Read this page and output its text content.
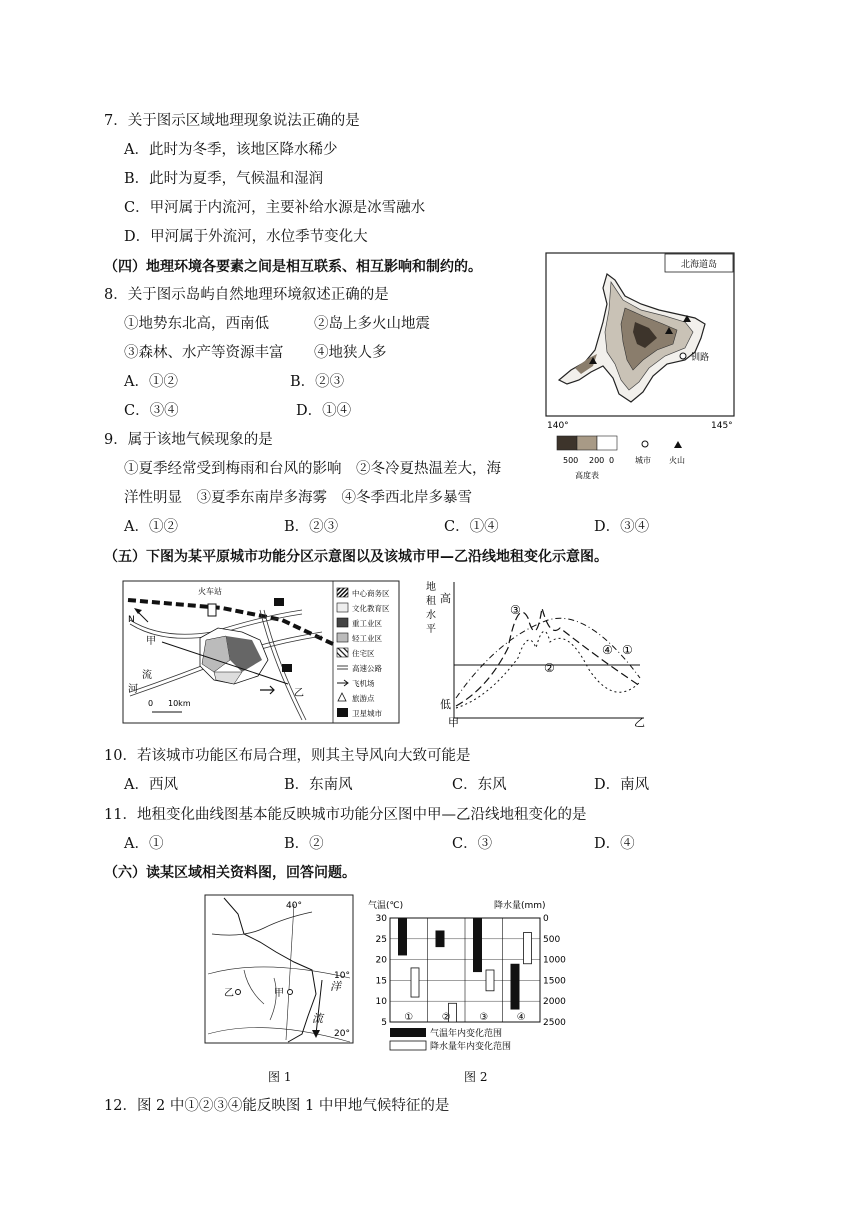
7．关于图示区域地理现象说法正确的是
A．此时为冬季，该地区降水稀少
B．此时为夏季，气候温和湿润
C．甲河属于内流河，主要补给水源是冰雪融水
D．甲河属于外流河，水位季节变化大
（四）地理环境各要素之间是相互联系、相互影响和制约的。
8．关于图示岛屿自然地理环境叙述正确的是
①地势东北高，西南低	②岛上多火山地震
③森林、水产等资源丰富 ④地狭人多
A．①②	B．②③
C．③④	D．①④
9．属于该地气候现象的是
①夏季经常受到梅雨和台风的影响　②冬冷夏热温差大，海
洋性明显　③夏季东南岸多海雾　④冬季西北岸多暴雪
A．①②	B．②③	C．①④	D．③④
北海道岛
钏路
140°	145°
500 200 0
高度表
城市 火山
（五）下图为某平原城市功能分区示意图以及该城市甲—乙沿线地租变化示意图。
火车站
甲
乙
N
流
河
0 10km
中心商务区
文化教育区
重工业区
轻工业区
住宅区
高速公路
飞机场
旅游点
卫星城市
地
租
水
平
高
低
甲	乙
③
②
④ ①
10．若该城市功能区布局合理，则其主导风向大致可能是
A．西风	B．东南风	C．东风	D．南风
11．地租变化曲线图基本能反映城市功能分区图中甲—乙沿线地租变化的是
A．①	B．②	C．③	D．④
（六）读某区域相关资料图，回答问题。
40°
10°
20°
洋
流
乙	甲
图 1
气温(℃)	降水量(mm)
30
25
20
15
10
5
0
500
1000
1500
2000
2500
①	②	③	④
气温年内变化范围
降水量年内变化范围
图 2
12．图 2 中①②③④能反映图 1 中甲地气候特征的是
